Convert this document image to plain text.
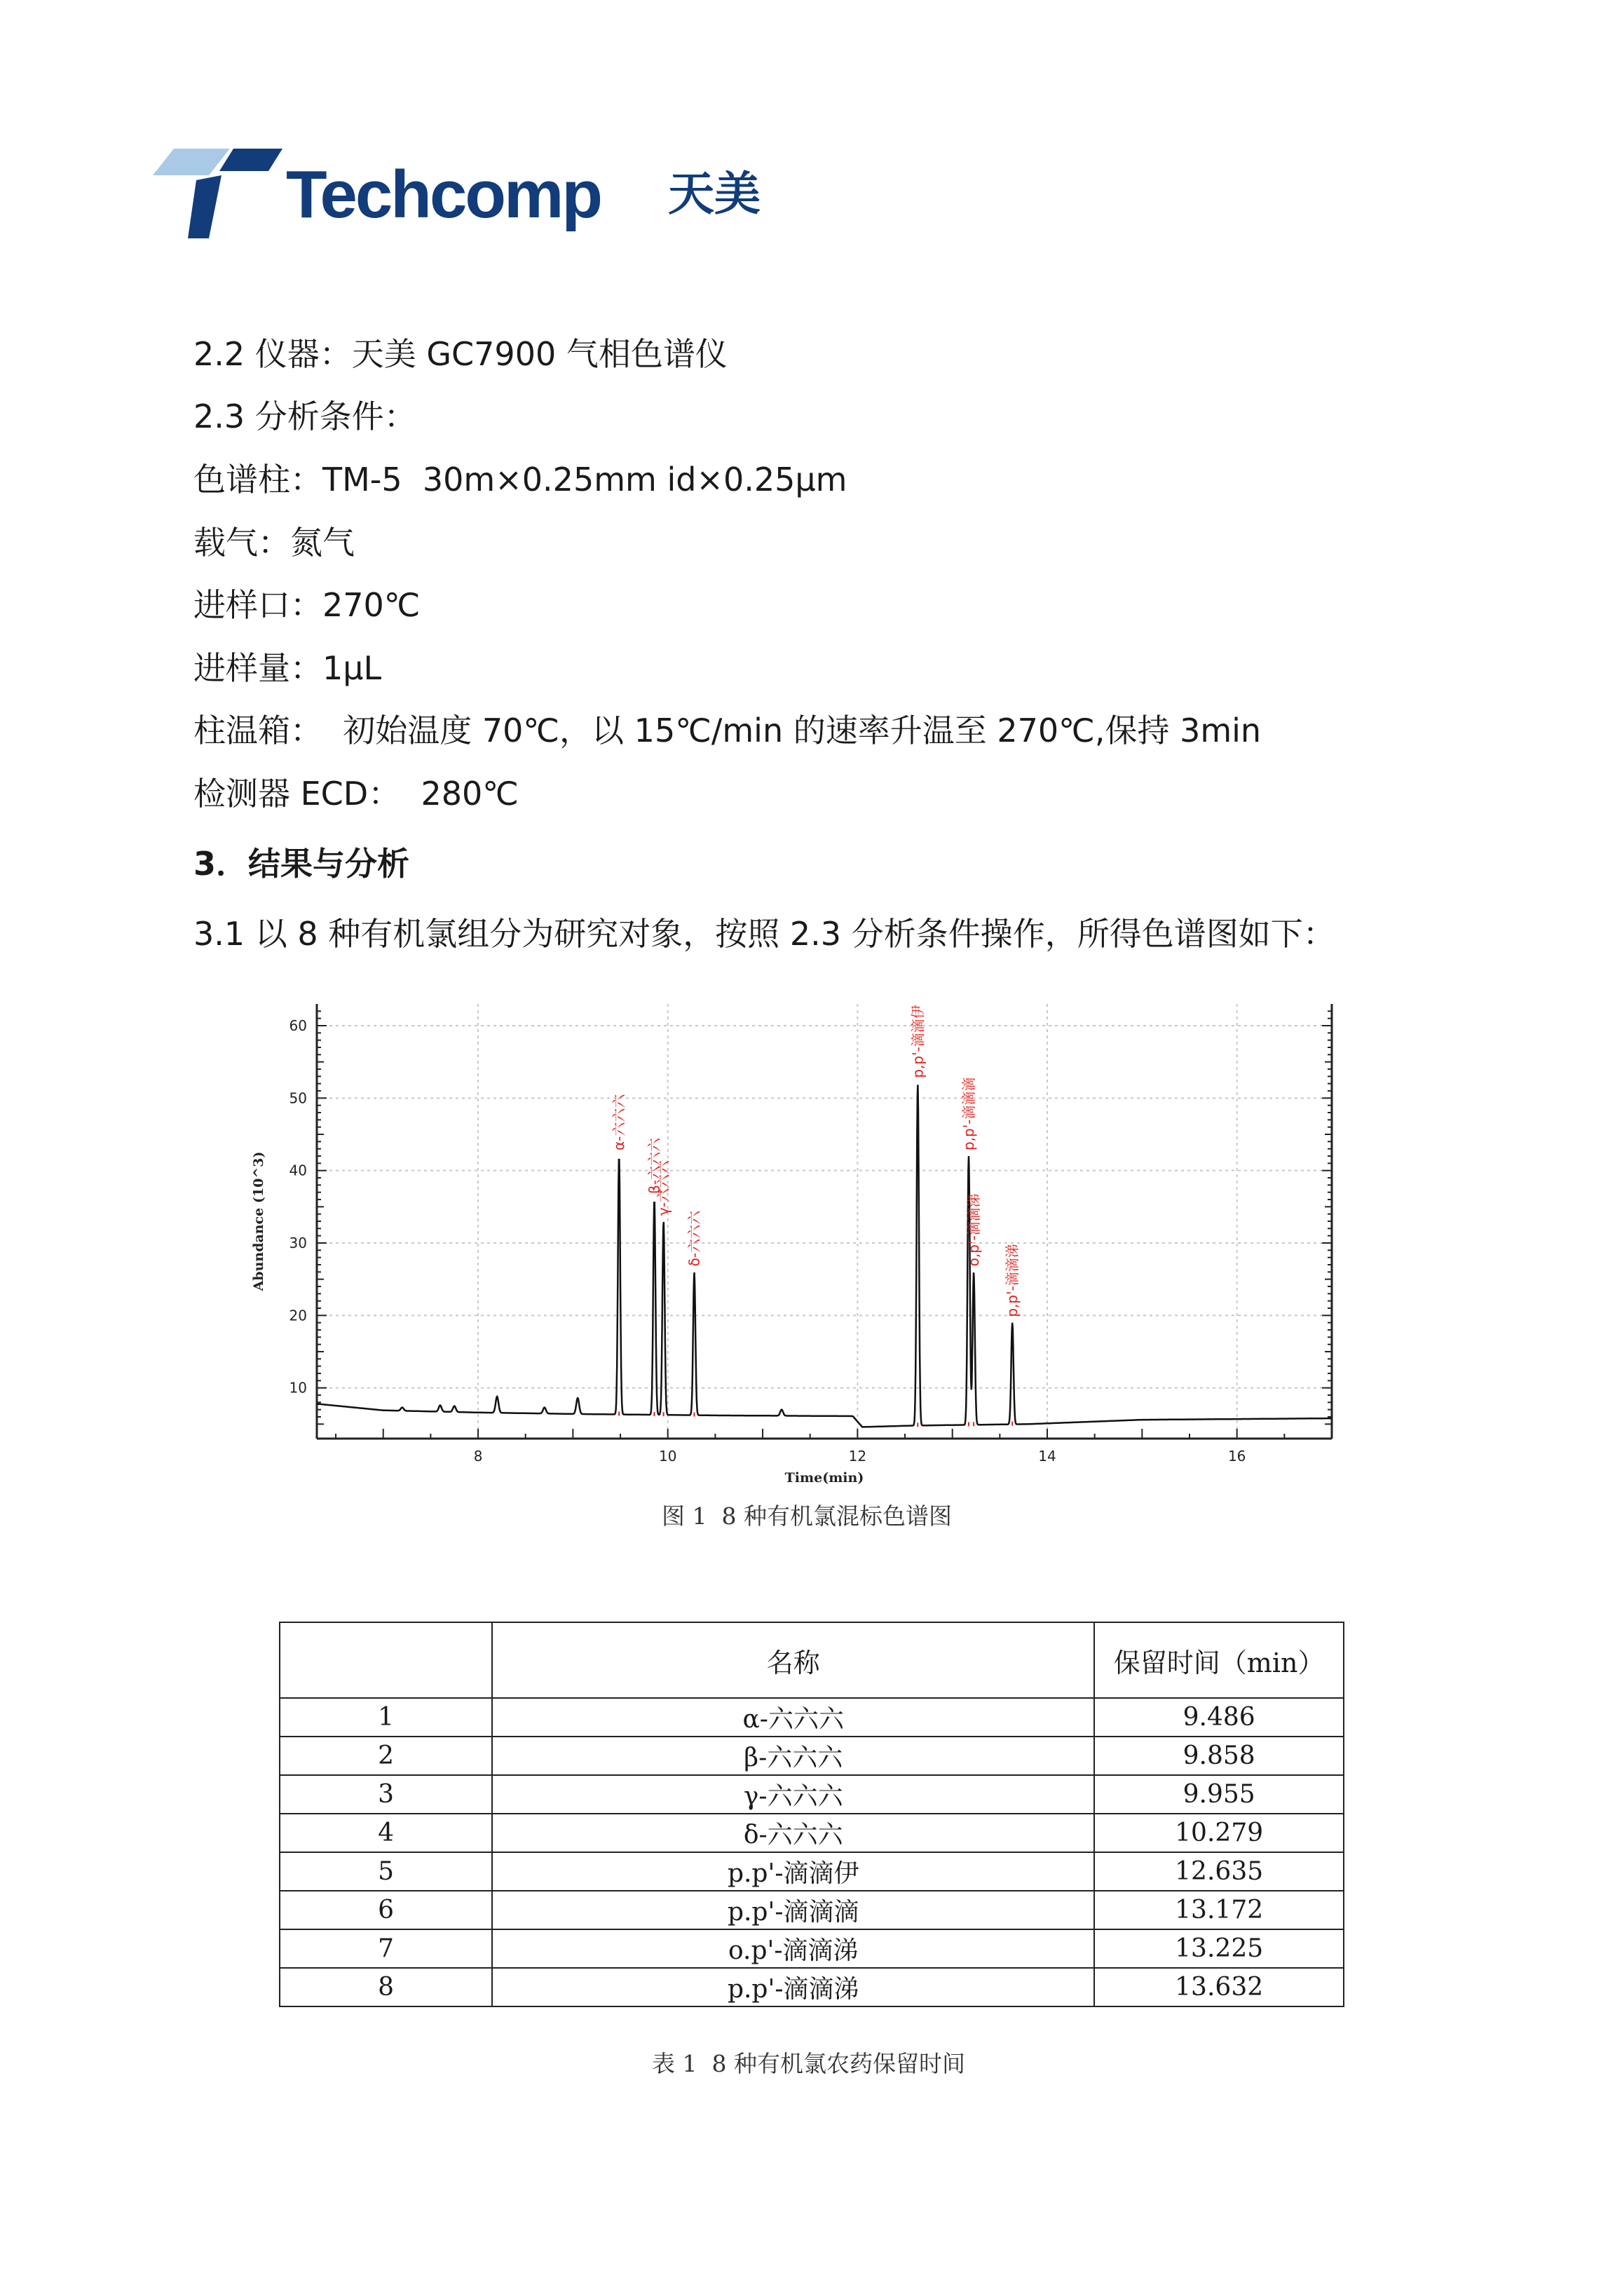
Techcomp 天美
2.2 仪器：天美 GC7900 气相色谱仪
2.3 分析条件：
色谱柱：TM-5  30m×0.25mm id×0.25μm
载气：氮气
进样口：270℃
进样量：1μL
柱温箱：  初始温度 70℃，以 15℃/min 的速率升温至 270℃,保持 3min
检测器 ECD：  280℃
3．结果与分析
3.1 以 8 种有机氯组分为研究对象，按照 2.3 分析条件操作，所得色谱图如下：
8	10	12	14	16
10
20
30
40
50
60
Time(min)
Abundance (10^3)
α-六六六
β-六六六
γ-六六六
δ-六六六
p,p'-滴滴伊
p,p'-滴滴滴
o,p'-滴滴涕
p,p'-滴滴涕
图 1  8 种有机氯混标色谱图
	名称	保留时间（min）
1	α-六六六	9.486
2	β-六六六	9.858
3	γ-六六六	9.955
4	δ-六六六	10.279
5	p.p'-滴滴伊	12.635
6	p.p'-滴滴滴	13.172
7	o.p'-滴滴涕	13.225
8	p.p'-滴滴涕	13.632
表 1  8 种有机氯农药保留时间
